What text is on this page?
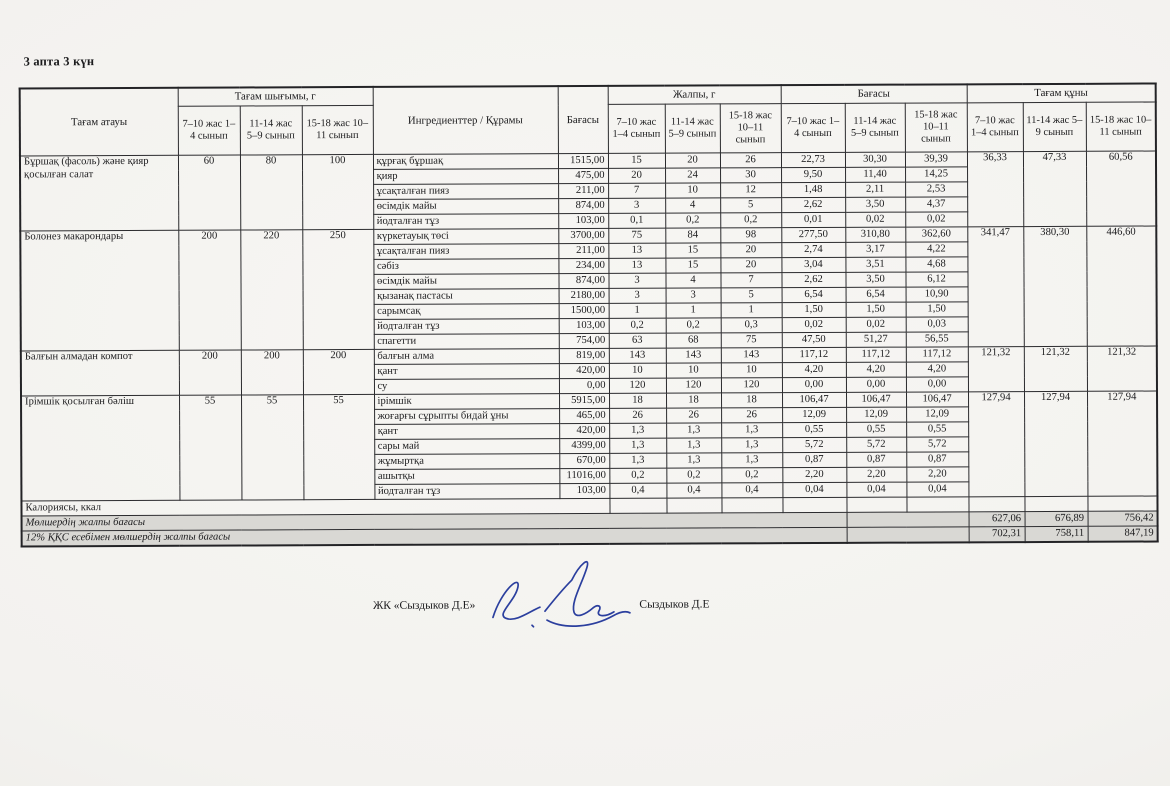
3 апта 3 күн
Тағам атауы	Тағам шығымы, г			Ингредиенттер / Құрамы	Бағасы	Жалпы, г			Бағасы			Тағам құны		
	7–10 жас 1–4 сынып	11-14 жас 5–9 сынып	15-18 жас 10–11 сынып			7–10 жас 1–4 сынып	11-14 жас 5–9 сынып	15-18 жас 10–11 сынып	7–10 жас 1–4 сынып	11-14 жас 5–9 сынып	15-18 жас 10–11 сынып	7–10 жас 1–4 сынып	11-14 жас 5–9 сынып	15-18 жас 10–11 сынып
Бұршақ (фасоль) және қияр қосылған салат	60	80	100	құрғақ бұршақ	1515,00	15	20	26	22,73	30,30	39,39	36,33	47,33	60,56
				қияр	475,00	20	24	30	9,50	11,40	14,25			
				ұсақталған пияз	211,00	7	10	12	1,48	2,11	2,53			
				өсімдік майы	874,00	3	4	5	2,62	3,50	4,37			
				йодталған тұз	103,00	0,1	0,2	0,2	0,01	0,02	0,02			
Болонез макарондары	200	220	250	күркетауық төсі	3700,00	75	84	98	277,50	310,80	362,60	341,47	380,30	446,60
				ұсақталған пияз	211,00	13	15	20	2,74	3,17	4,22			
				сәбіз	234,00	13	15	20	3,04	3,51	4,68			
				өсімдік майы	874,00	3	4	7	2,62	3,50	6,12			
				қызанақ пастасы	2180,00	3	3	5	6,54	6,54	10,90			
				сарымсақ	1500,00	1	1	1	1,50	1,50	1,50			
				йодталған тұз	103,00	0,2	0,2	0,3	0,02	0,02	0,03			
				спагетти	754,00	63	68	75	47,50	51,27	56,55			
Балғын алмадан компот	200	200	200	балғын алма	819,00	143	143	143	117,12	117,12	117,12	121,32	121,32	121,32
				қант	420,00	10	10	10	4,20	4,20	4,20			
				су	0,00	120	120	120	0,00	0,00	0,00			
Ірімшік қосылған бәліш	55	55	55	ірімшік	5915,00	18	18	18	106,47	106,47	106,47	127,94	127,94	127,94
				жоғарғы сұрыпты бидай ұны	465,00	26	26	26	12,09	12,09	12,09			
				қант	420,00	1,3	1,3	1,3	0,55	0,55	0,55			
				сары май	4399,00	1,3	1,3	1,3	5,72	5,72	5,72			
				жұмыртқа	670,00	1,3	1,3	1,3	0,87	0,87	0,87			
				ашытқы	11016,00	0,2	0,2	0,2	2,20	2,20	2,20			
				йодталған тұз	103,00	0,4	0,4	0,4	0,04	0,04	0,04			
Калориясы, ккал														
Мөлшердің жалпы бағасы												627,06	676,89	756,42
12% ҚҚС есебімен мөлшердің жалпы бағасы												702,31	758,11	847,19
ЖК «Сыздыков Д.Е»	Сыздыков Д.Е
